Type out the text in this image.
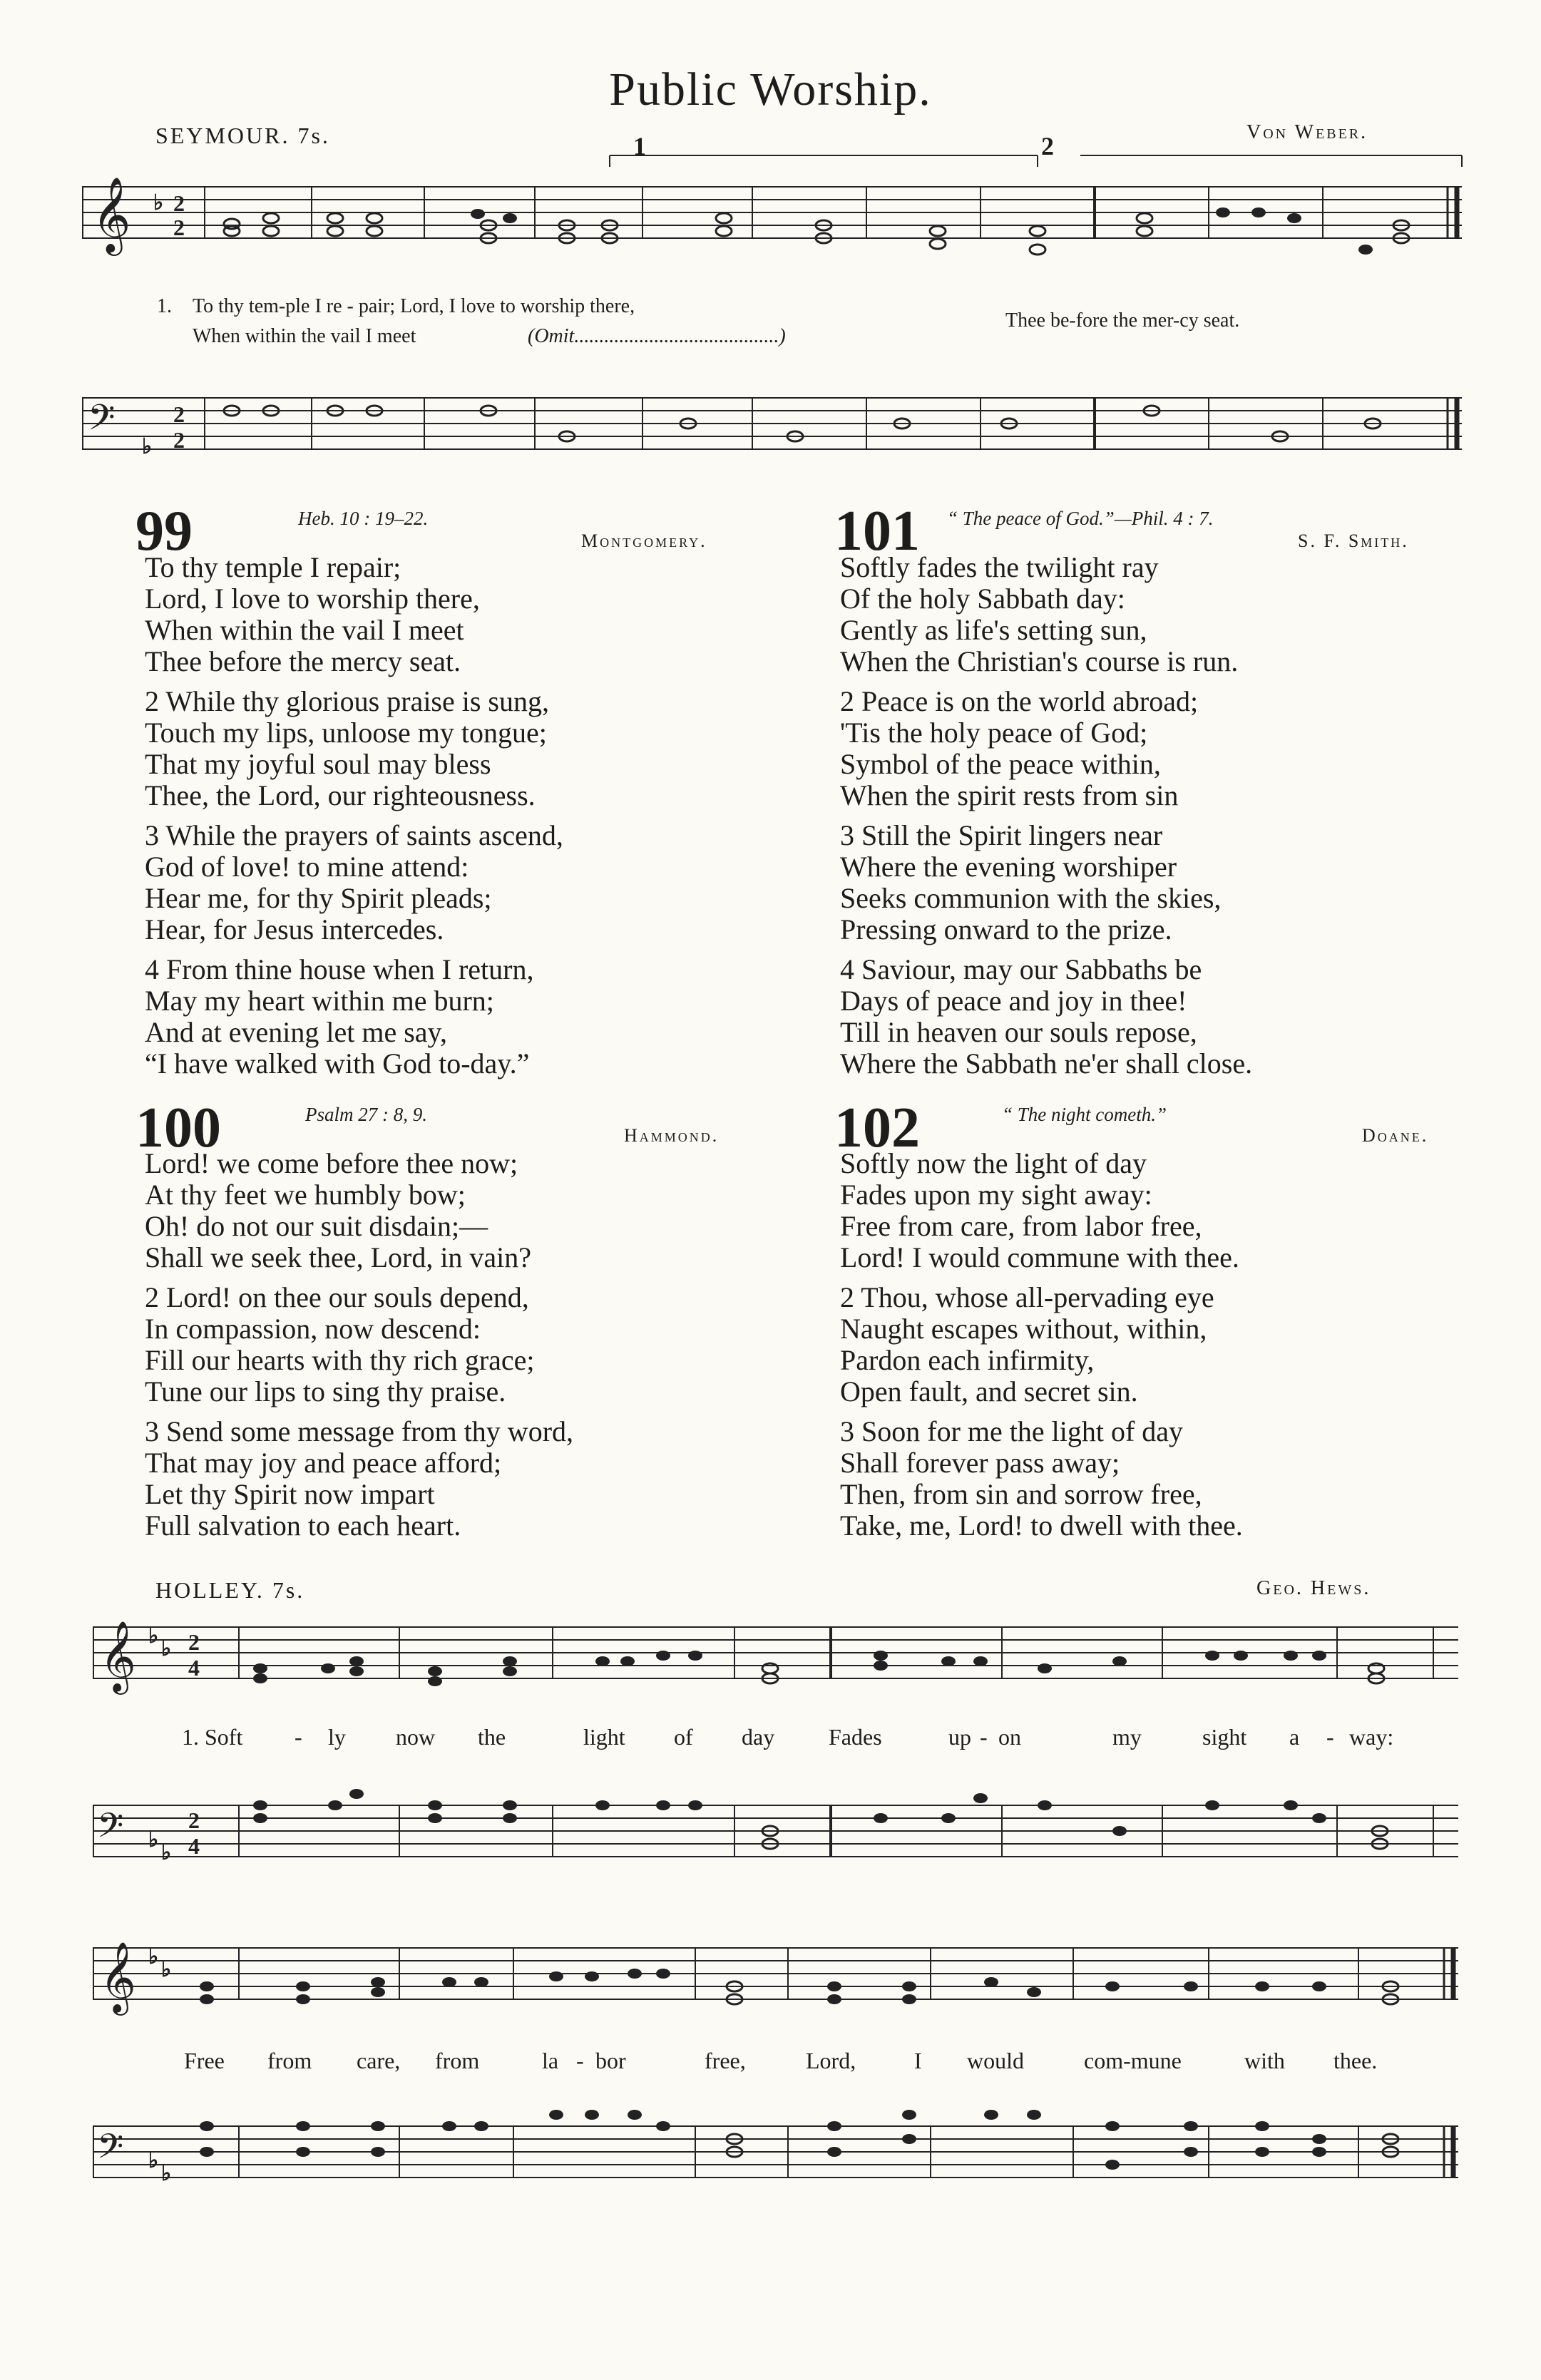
Public Worship.
SEYMOUR. 7s.	Von Weber.
1	2
𝄞 ♭ 2
2
1. To thy tem-ple I re - pair; Lord, I love to worship there,
When within the vail I meet	(Omit.........................................)
Thee be-fore the mer-cy seat.
𝄢 ♭
2
2
99	Heb. 10 : 19–22.
Montgomery.
To thy temple I repair;
Lord, I love to worship there,
When within the vail I meet
Thee before the mercy seat.
2 While thy glorious praise is sung,
Touch my lips, unloose my tongue;
That my joyful soul may bless
Thee, the Lord, our righteousness.
3 While the prayers of saints ascend,
God of love! to mine attend:
Hear me, for thy Spirit pleads;
Hear, for Jesus intercedes.
4 From thine house when I return,
May my heart within me burn;
And at evening let me say,
“I have walked with God to-day.”
100	Psalm 27 : 8, 9.
Hammond.
Lord! we come before thee now;
At thy feet we humbly bow;
Oh! do not our suit disdain;—
Shall we seek thee, Lord, in vain?
2 Lord! on thee our souls depend,
In compassion, now descend:
Fill our hearts with thy rich grace;
Tune our lips to sing thy praise.
3 Send some message from thy word,
That may joy and peace afford;
Let thy Spirit now impart
Full salvation to each heart.
101 “ The peace of God.”—Phil. 4 : 7.
S. F. Smith.
Softly fades the twilight ray
Of the holy Sabbath day:
Gently as life's setting sun,
When the Christian's course is run.
2 Peace is on the world abroad;
'Tis the holy peace of God;
Symbol of the peace within,
When the spirit rests from sin
3 Still the Spirit lingers near
Where the evening worshiper
Seeks communion with the skies,
Pressing onward to the prize.
4 Saviour, may our Sabbaths be
Days of peace and joy in thee!
Till in heaven our souls repose,
Where the Sabbath ne'er shall close.
102	“ The night cometh.”
Doane.
Softly now the light of day
Fades upon my sight away:
Free from care, from labor free,
Lord! I would commune with thee.
2 Thou, whose all-pervading eye
Naught escapes without, within,
Pardon each infirmity,
Open fault, and secret sin.
3 Soon for me the light of day
Shall forever pass away;
Then, from sin and sorrow free,
Take, me, Lord! to dwell with thee.
HOLLEY. 7s.	Geo. Hews.
𝄞 ♭
♭ 2
4
1. Soft - ly now the	light of day Fades	up - on	my	sight a - way:
𝄢 ♭
♭
2
4
𝄞 ♭
♭
Free from care, from	la - bor	free,	Lord,	I would	com-mune	with thee.
𝄢 ♭
♭
